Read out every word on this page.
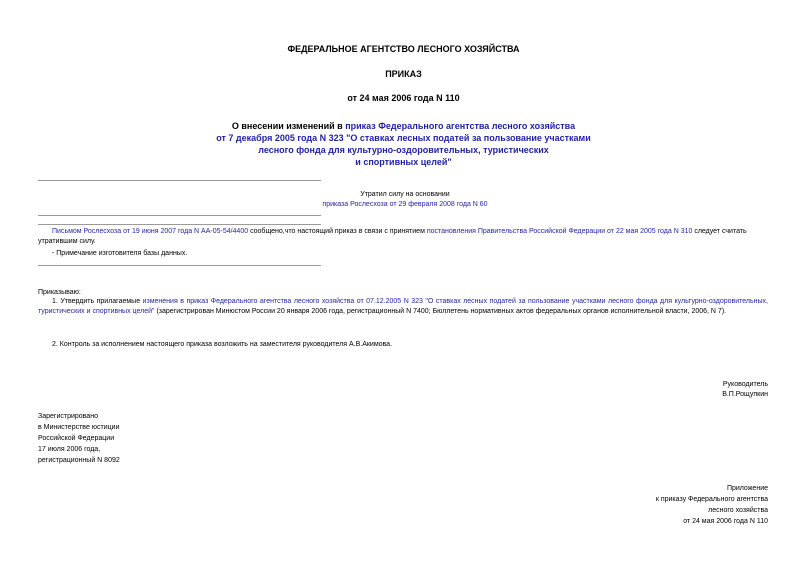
ФЕДЕРАЛЬНОЕ АГЕНТСТВО ЛЕСНОГО ХОЗЯЙСТВА
ПРИКАЗ
от 24 мая 2006 года N 110
О внесении изменений в приказ Федерального агентства лесного хозяйства
от 7 декабря 2005 года N 323 "О ставках лесных податей за пользование участками
лесного фонда для культурно-оздоровительных, туристических
и спортивных целей"
Утратил силу на основании
приказа Рослесхоза от 29 февраля 2008 года N 60
Письмом Рослесхоза от 19 июня 2007 года N АА-05-54/4400 сообщено,что настоящий приказ в связи с принятием постановления Правительства Российской Федерации от 22 мая 2005 года N 310 следует считать утратившим силу.
- Примечание изготовителя базы данных.
Приказываю:
1. Утвердить прилагаемые изменения в приказ Федерального агентства лесного хозяйства от 07.12.2005 N 323 "О ставках лесных податей за пользование участками лесного фонда для культурно-оздоровительных, туристических и спортивных целей" (зарегистрирован Минюстом России 20 января 2006 года, регистрационный N 7400; Бюллетень нормативных актов федеральных органов исполнительной власти, 2006, N 7).
2. Контроль за исполнением настоящего приказа возложить на заместителя руководителя А.В.Акимова.
Руководитель
В.П.Рощупкин
Зарегистрировано
в Министерстве юстиции
Российской Федерации
17 июля 2006 года,
регистрационный N 8092
Приложение
к приказу Федерального агентства
лесного хозяйства
от 24 мая 2006 года N 110
